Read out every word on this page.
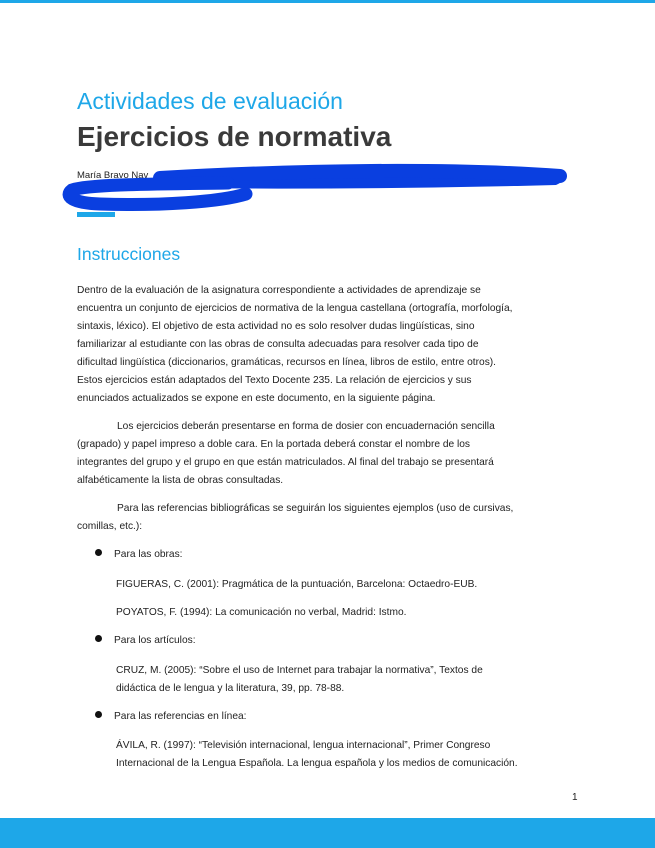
Actividades de evaluación
Ejercicios de normativa
María Bravo Nav
Instrucciones

Dentro de la evaluación de la asignatura correspondiente a actividades de aprendizaje se
encuentra un conjunto de ejercicios de normativa de la lengua castellana (ortografía, morfología,
sintaxis, léxico). El objetivo de esta actividad no es solo resolver dudas lingüísticas, sino
familiarizar al estudiante con las obras de consulta adecuadas para resolver cada tipo de
dificultad lingüística (diccionarios, gramáticas, recursos en línea, libros de estilo, entre otros).
Estos ejercicios están adaptados del Texto Docente 235. La relación de ejercicios y sus
enunciados actualizados se expone en este documento, en la siguiente página.

Los ejercicios deberán presentarse en forma de dosier con encuadernación sencilla
(grapado) y papel impreso a doble cara. En la portada deberá constar el nombre de los
integrantes del grupo y el grupo en que están matriculados. Al final del trabajo se presentará
alfabéticamente la lista de obras consultadas.

Para las referencias bibliográficas se seguirán los siguientes ejemplos (uso de cursivas,
comillas, etc.):

Para las obras:

FIGUERAS, C. (2001): Pragmática de la puntuación, Barcelona: Octaedro-EUB.

POYATOS, F. (1994): La comunicación no verbal, Madrid: Istmo.

Para los artículos:

CRUZ, M. (2005): “Sobre el uso de Internet para trabajar la normativa”, Textos de
didáctica de le lengua y la literatura, 39, pp. 78-88.

Para las referencias en línea:

ÁVILA, R. (1997): “Televisión internacional, lengua internacional”, Primer Congreso
Internacional de la Lengua Española. La lengua española y los medios de comunicación.

1
